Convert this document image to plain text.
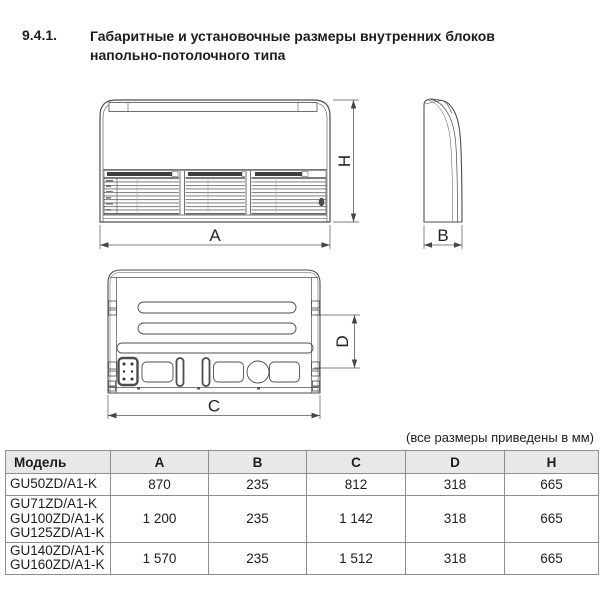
9.4.1. Габаритные и установочные размеры внутренних блоков
напольно-потолочного типа
H
A	B
C
D
(все размеры приведены в мм)
Модель	A	B	C	D	H
GU50ZD/A1-K	870	235	812	318	665

GU71ZD/A1-K
GU100ZD/A1-K
GU125ZD/A1-K	1 200	235	1 142	318	665

GU140ZD/A1-K
GU160ZD/A1-K	1 570	235	1 512	318	665
